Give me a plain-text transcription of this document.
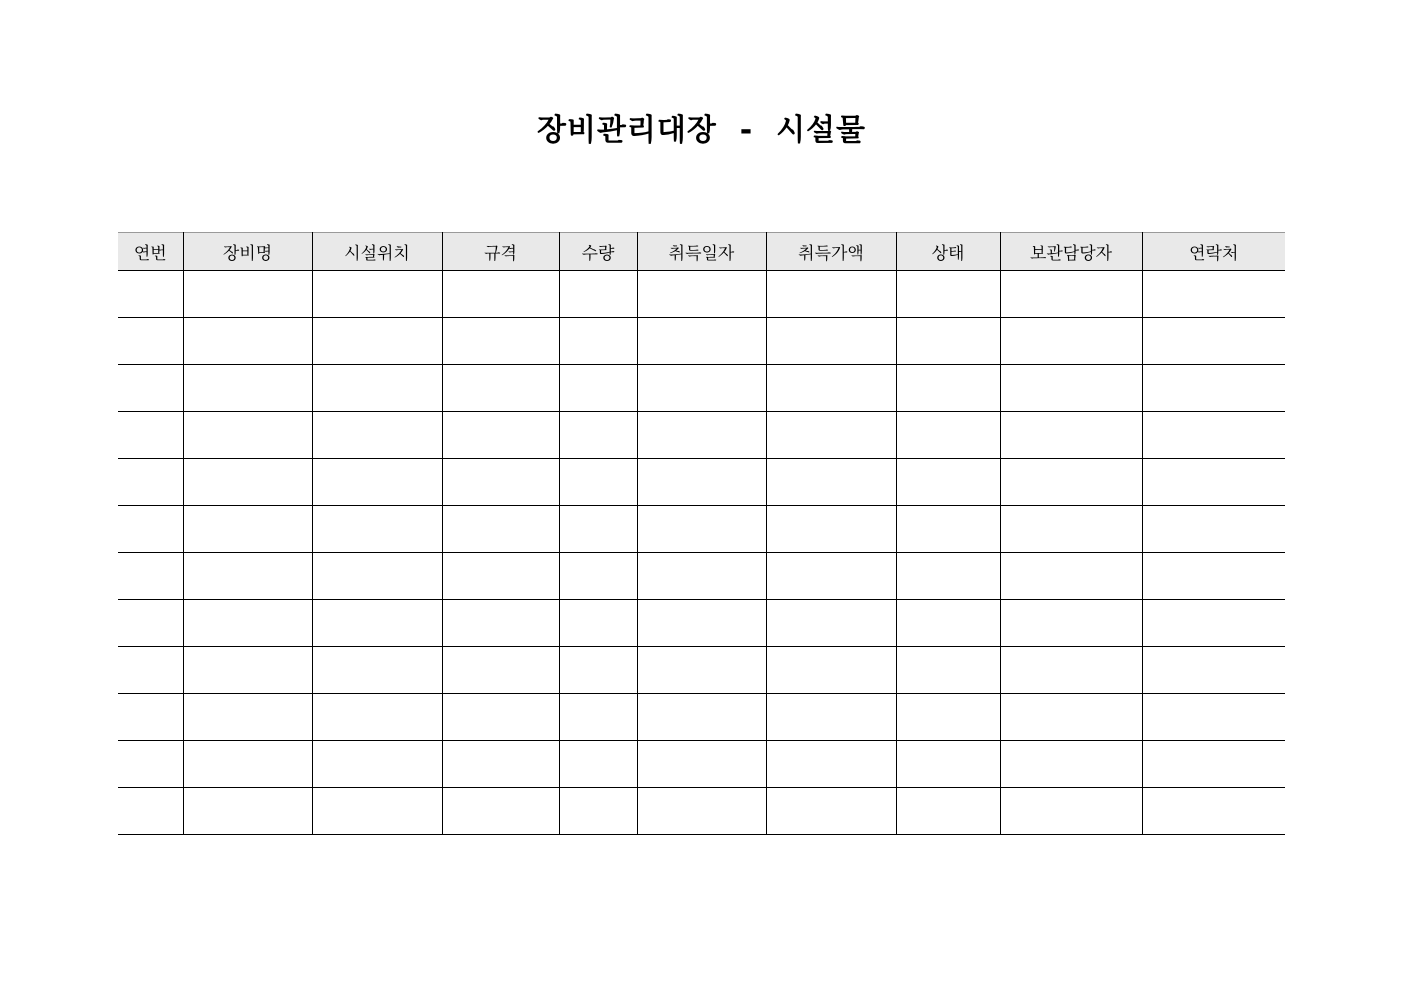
장비관리대장  -  시설물
연번	장비명	시설위치	규격	수량	취득일자	취득가액	상태	보관담당자	연락처
